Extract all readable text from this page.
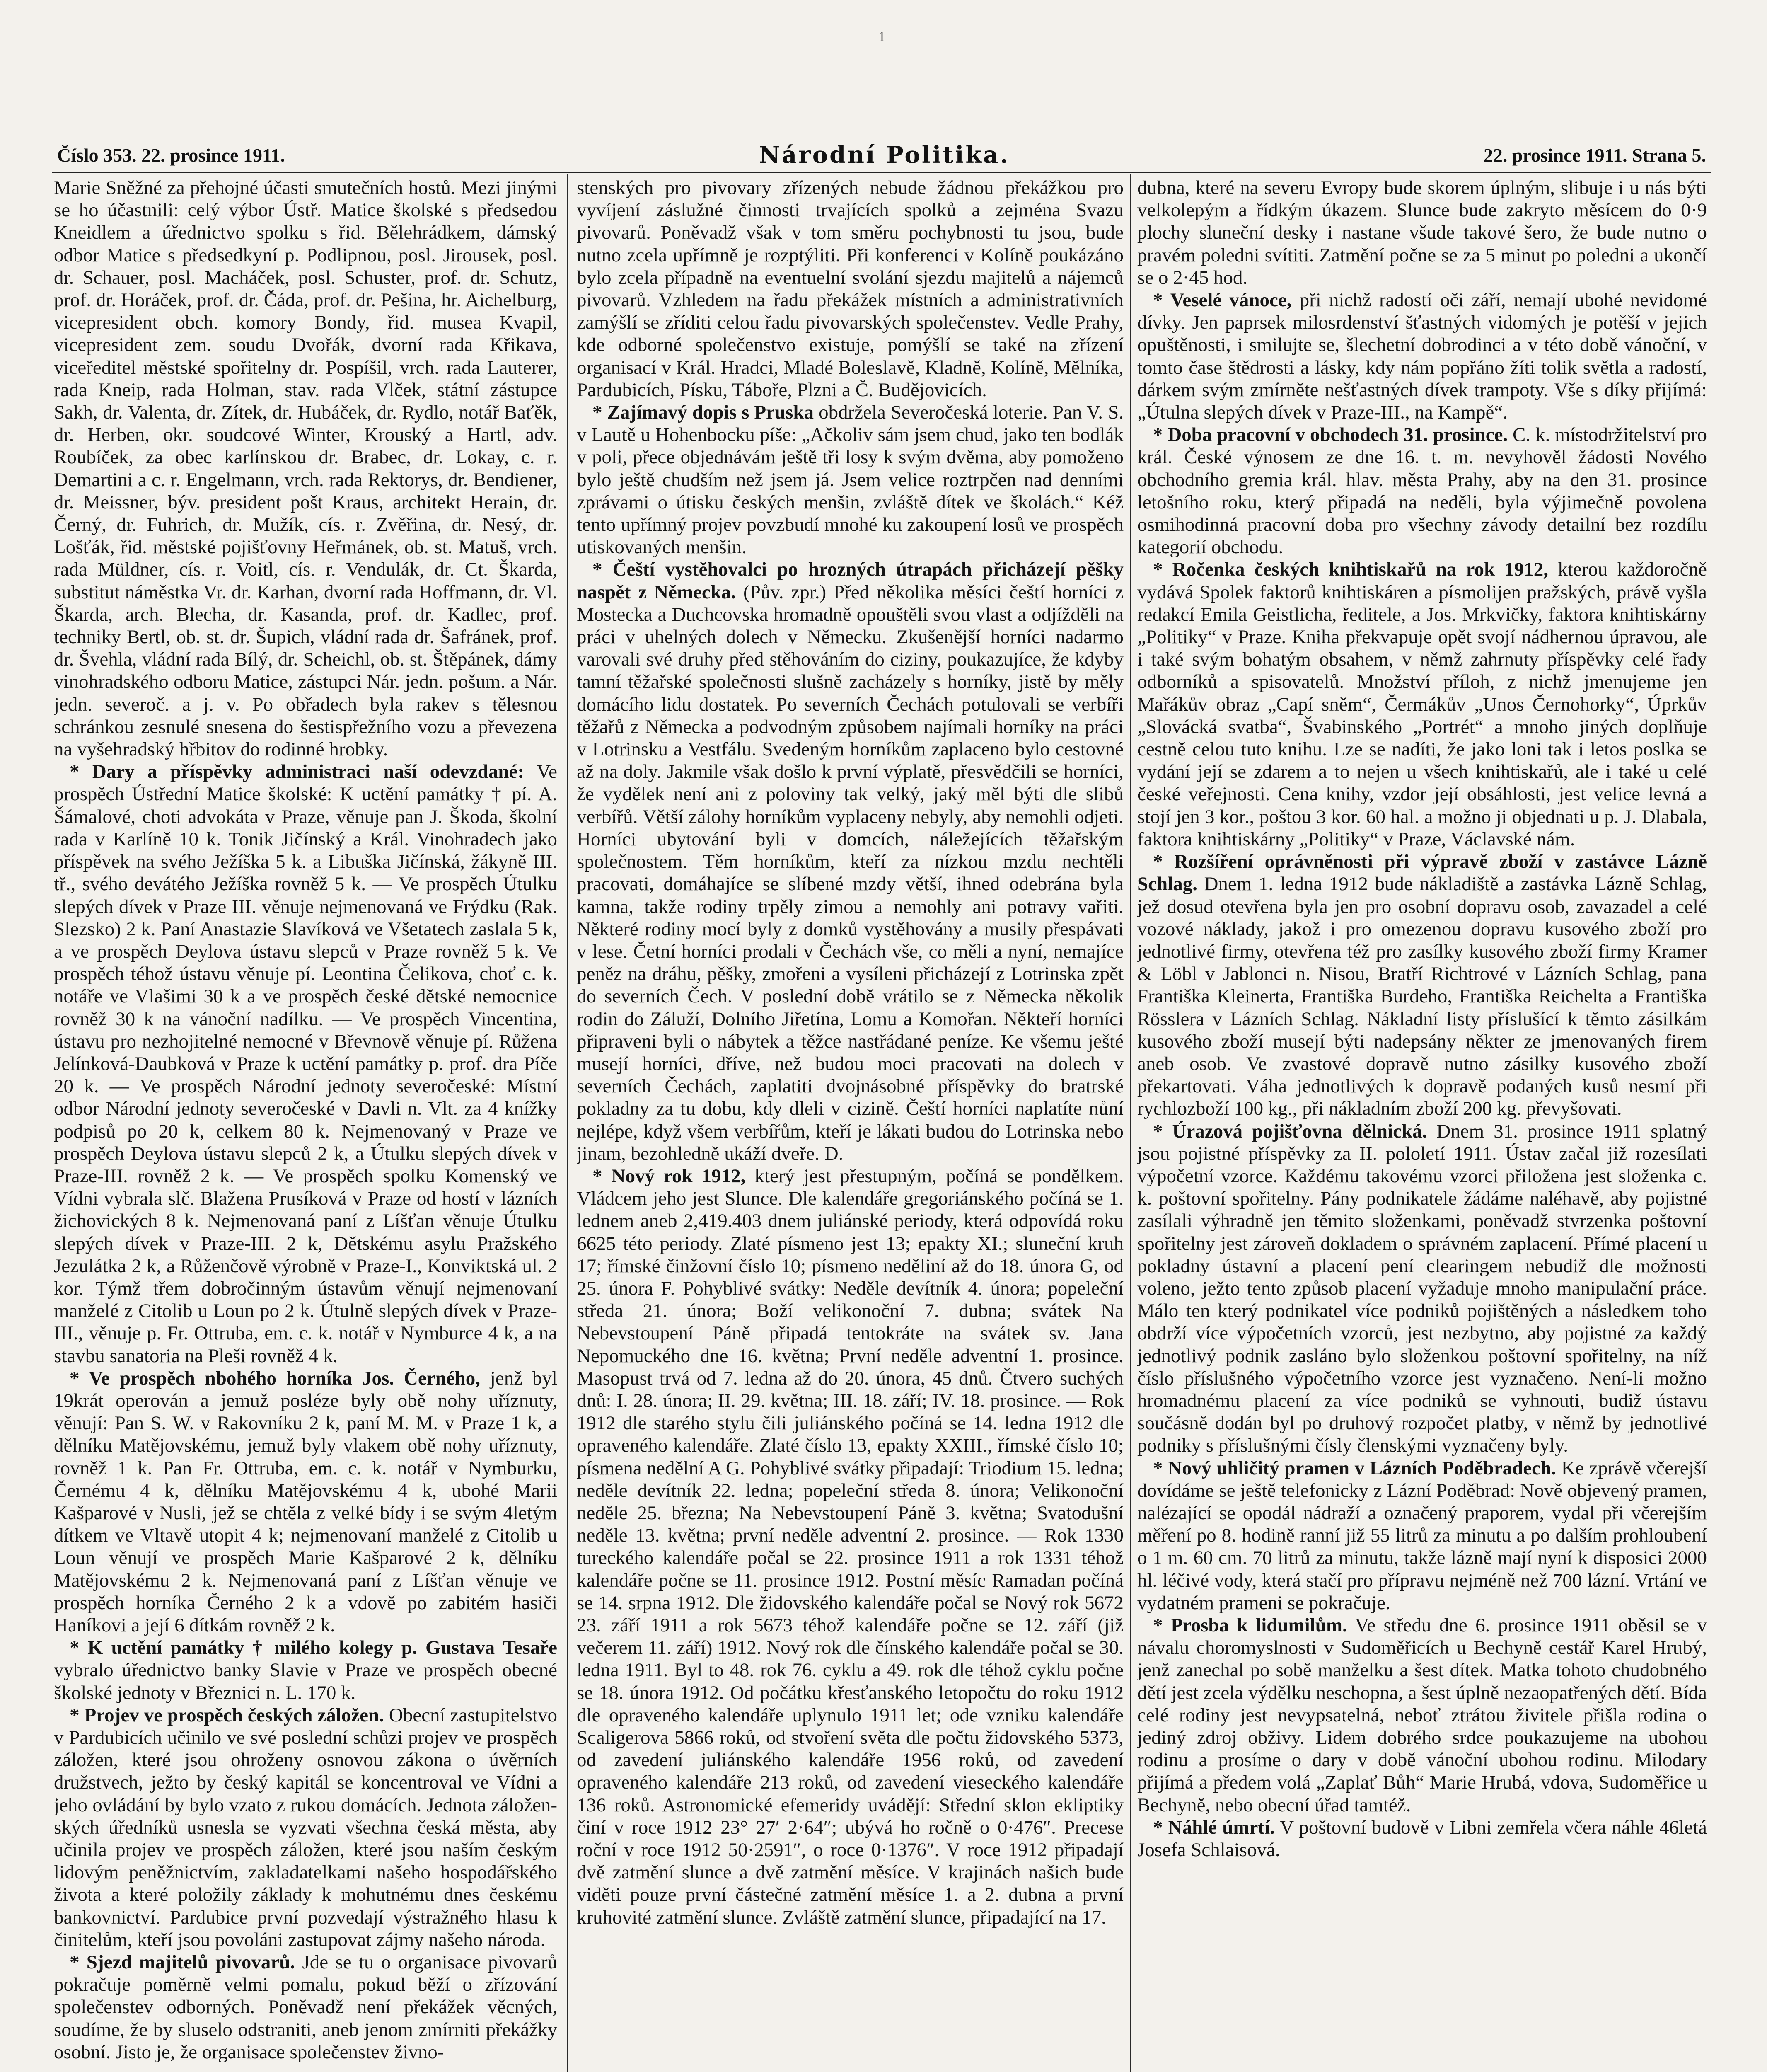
1
Číslo 353. 22. prosince 1911.	Národní Politika.	22. prosince 1911. Strana 5.

Marie Sněžné za přehojné účasti smutečních hostů. Mezi jinými se ho účastnili: celý výbor Ústř. Matice školské s předsedou Kneidlem a úřednictvo spolku s řid. Bělehrádkem, dámský odbor Matice s předsedkyní p. Podlipnou, posl. Jirousek, posl. dr. Schauer, posl. Macháček, posl. Schuster, prof. dr. Schutz, prof. dr. Horáček, prof. dr. Čáda, prof. dr. Pešina, hr. Aichelburg, vicepresident obch. komory Bondy, řid. musea Kvapil, vicepresident zem. soudu Dvořák, dvorní rada Křikava, viceředitel městské spořitelny dr. Pospíšil, vrch. rada Lauterer, rada Kneip, rada Holman, stav. rada Vlček, státní zástupce Sakh, dr. Valenta, dr. Zítek, dr. Hubáček, dr. Rydlo, notář Baťěk, dr. Herben, okr. soudcové Winter, Krouský a Hartl, adv. Roubíček, za obec karlínskou dr. Brabec, dr. Lokay, c. r. Demartini a c. r. Engelmann, vrch. rada Rektorys, dr. Bendiener, dr. Meissner, býv. president pošt Kraus, architekt Herain, dr. Černý, dr. Fuhrich, dr. Mužík, cís. r. Zvěřina, dr. Nesý, dr. Lošťák, řid. městské pojišťovny Heřmánek, ob. st. Matuš, vrch. rada Müldner, cís. r. Voitl, cís. r. Vendulák, dr. Ct. Škarda, substitut náměstka Vr. dr. Karhan, dvorní rada Hoffmann, dr. Vl. Škarda, arch. Blecha, dr. Kasanda, prof. dr. Kadlec, prof. techniky Bertl, ob. st. dr. Šupich, vládní rada dr. Šafránek, prof. dr. Švehla, vládní rada Bílý, dr. Scheichl, ob. st. Štěpánek, dámy vinohradského odboru Matice, zástupci Nár. jedn. pošum. a Nár. jedn. severoč. a j. v. Po obřadech byla rakev s tělesnou schránkou zesnulé snesena do šestispřežního vozu a převezena na vyšehradský hřbitov do rodinné hrobky.

* Dary a příspěvky administraci naší odevzdané: Ve prospěch Ústřední Matice školské: K uctění památky † pí. A. Šámalové, choti advokáta v Praze, věnuje pan J. Škoda, školní rada v Karlíně 10 k. Tonik Jičínský a Král. Vinohradech jako příspěvek na svého Ježíška 5 k. a Libuška Jičínská, žákyně III. tř., svého devátého Ježíška rovněž 5 k. — Ve prospěch Útulku slepých dívek v Praze III. věnuje nejmenovaná ve Frýdku (Rak. Slezsko) 2 k. Paní Anastazie Slavíková ve Všetatech zaslala 5 k, a ve prospěch Deylova ústavu slepců v Praze rovněž 5 k. Ve prospěch téhož ústavu věnuje pí. Leontina Čelikova, choť c. k. notáře ve Vlašimi 30 k a ve prospěch české dětské nemocnice rovněž 30 k na vánoční nadílku. — Ve prospěch Vincentina, ústavu pro nezhojitelné nemocné v Břevnově věnuje pí. Růžena Jelínková-Daubková v Praze k uctění památky p. prof. dra Píče 20 k. — Ve prospěch Národní jednoty severočeské: Místní odbor Národní jednoty severočeské v Davli n. Vlt. za 4 knížky podpisů po 20 k, celkem 80 k. Nejmenovaný v Praze ve prospěch Deylova ústavu slepců 2 k, a Útulku slepých dívek v Praze-III. rovněž 2 k. — Ve prospěch spolku Komenský ve Vídni vybrala slč. Blažena Prusíková v Praze od hostí v lázních žichovických 8 k. Nejmenovaná paní z Líšťan věnuje Útulku slepých dívek v Praze-III. 2 k, Dětskému asylu Pražského Jezulátka 2 k, a Růženčově výrobně v Praze-I., Konviktská ul. 2 kor. Týmž třem dobročinným ústavům věnují nejmenovaní manželé z Citolib u Loun po 2 k. Útulně slepých dívek v Praze-III., věnuje p. Fr. Ottruba, em. c. k. notář v Nymburce 4 k, a na stavbu sanatoria na Pleši rovněž 4 k.

* Ve prospěch nbohého horníka Jos. Černého, jenž byl 19krát operován a jemuž posléze byly obě nohy uříznuty, věnují: Pan S. W. v Rakovníku 2 k, paní M. M. v Praze 1 k, a dělníku Matějovskému, jemuž byly vlakem obě nohy uříznuty, rovněž 1 k. Pan Fr. Ottruba, em. c. k. notář v Nymburku, Černému 4 k, dělníku Matějovskému 4 k, ubohé Marii Kašparové v Nusli, jež se chtěla z velké bídy i se svým 4letým dítkem ve Vltavě utopit 4 k; nejmenovaní manželé z Citolib u Loun věnují ve prospěch Marie Kašparové 2 k, dělníku Matějovskému 2 k. Nejmenovaná paní z Líšťan věnuje ve prospěch horníka Černého 2 k a vdově po zabitém hasiči Haníkovi a její 6 dítkám rovněž 2 k.

* K uctění památky † milého kolegy p. Gustava Tesaře vybralo úřednictvo banky Slavie v Praze ve prospěch obecné školské jednoty v Březnici n. L. 170 k.

* Projev ve prospěch českých záložen. Obecní zastupitelstvo v Pardubicích učinilo ve své poslední schůzi projev ve prospěch záložen, které jsou ohroženy osnovou zákona o úvěrních družstvech, ježto by český kapitál se koncentroval ve Vídni a jeho ovládání by bylo vzato z rukou domácích. Jednota záloženských úředníků usnesla se vyzvati všechna česká města, aby učinila projev ve prospěch záložen, které jsou naším českým lidovým peněžnictvím, zakladatelkami našeho hospodářského života a které položily základy k mohutnému dnes českému bankovnictví. Pardubice první pozvedají výstražného hlasu k činitelům, kteří jsou povoláni zastupovat zájmy našeho národa.

* Sjezd majitelů pivovarů. Jde se tu o organisace pivovarů pokračuje poměrně velmi pomalu, pokud běží o zřízování společenstev odborných. Poněvadž není překážek věcných, soudíme, že by sluselo odstraniti, aneb jenom zmírniti překážky osobní. Jisto je, že organisace společenstev živno-

stenských pro pivovary zřízených nebude žádnou překážkou pro vyvíjení záslužné činnosti trvajících spolků a zejména Svazu pivovarů. Poněvadž však v tom směru pochybnosti tu jsou, bude nutno zcela upřímně je rozptýliti. Při konferenci v Kolíně poukázáno bylo zcela případně na eventuelní svolání sjezdu majitelů a nájemců pivovarů. Vzhledem na řadu překážek místních a administrativních zamýšlí se zříditi celou řadu pivovarských společenstev. Vedle Prahy, kde odborné společenstvo existuje, pomýšlí se také na zřízení organisací v Král. Hradci, Mladé Boleslavě, Kladně, Kolíně, Mělníka, Pardubicích, Písku, Táboře, Plzni a Č. Budějovicích.

* Zajímavý dopis s Pruska obdržela Severočeská loterie. Pan V. S. v Lautě u Hohenbocku píše: „Ačkoliv sám jsem chud, jako ten bodlák v poli, přece objednávám ještě tři losy k svým dvěma, aby pomoženo bylo ještě chudším než jsem já. Jsem velice roztrpčen nad denními zprávami o útisku českých menšin, zvláště dítek ve školách.“ Kéž tento upřímný projev povzbudí mnohé ku zakoupení losů ve prospěch utiskovaných menšin.

* Čeští vystěhovalci po hrozných útrapách přicházejí pěšky naspět z Německa. (Pův. zpr.) Před několika měsíci čeští horníci z Mostecka a Duchcovska hromadně opouštěli svou vlast a odjížděli na práci v uhelných dolech v Německu. Zkušenější horníci nadarmo varovali své druhy před stěhováním do ciziny, poukazujíce, že kdyby tamní těžařské společnosti slušně zacházely s horníky, jistě by měly domácího lidu dostatek. Po severních Čechách potulovali se verbíři těžařů z Německa a podvodným způsobem najímali horníky na práci v Lotrinsku a Vestfálu. Svedeným horníkům zaplaceno bylo cestovné až na doly. Jakmile však došlo k první výplatě, přesvědčili se horníci, že vydělek není ani z poloviny tak velký, jaký měl býti dle slibů verbířů. Větší zálohy horníkům vyplaceny nebyly, aby nemohli odjeti. Horníci ubytování byli v domcích, náležejících těžařským společnostem. Těm horníkům, kteří za nízkou mzdu nechtěli pracovati, domáhajíce se slíbené mzdy větší, ihned odebrána byla kamna, takže rodiny trpěly zimou a nemohly ani potravy vařiti. Některé rodiny mocí byly z domků vystěhovány a musily přespávati v lese. Četní horníci prodali v Čechách vše, co měli a nyní, nemajíce peněz na dráhu, pěšky, zmořeni a vysíleni přicházejí z Lotrinska zpět do severních Čech. V poslední době vrátilo se z Německa několik rodin do Záluží, Dolního Jiřetína, Lomu a Komořan. Někteří horníci připraveni byli o nábytek a těžce nastřádané peníze. Ke všemu ješté musejí horníci, dříve, než budou moci pracovati na dolech v severních Čechách, zaplatiti dvojnásobné příspěvky do bratrské pokladny za tu dobu, kdy dleli v cizině. Čeští horníci naplatíte nůní nejlépe, když všem verbířům, kteří je lákati budou do Lotrinska nebo jinam, bezohledně ukáží dveře. D.

* Nový rok 1912, který jest přestupným, počíná se pondělkem. Vládcem jeho jest Slunce. Dle kalendáře gregoriánského počíná se 1. lednem aneb 2,419.403 dnem juliánské periody, která odpovídá roku 6625 této periody. Zlaté písmeno jest 13; epakty XI.; sluneční kruh 17; římské činžovní číslo 10; písmeno neděliní až do 18. února G, od 25. února F. Pohyblivé svátky: Neděle devítník 4. února; popeleční středa 21. února; Boží velikonoční 7. dubna; svátek Na Nebevstoupení Páně připadá tentokráte na svátek sv. Jana Nepomuckého dne 16. května; První neděle adventní 1. prosince. Masopust trvá od 7. ledna až do 20. února, 45 dnů. Čtvero suchých dnů: I. 28. února; II. 29. května; III. 18. září; IV. 18. prosince. — Rok 1912 dle starého stylu čili juliánského počíná se 14. ledna 1912 dle opraveného kalendáře. Zlaté číslo 13, epakty XXIII., římské číslo 10; písmena nedělní A G. Pohyblivé svátky připadají: Triodium 15. ledna; neděle devítník 22. ledna; popeleční středa 8. února; Velikonoční neděle 25. března; Na Nebevstoupení Páně 3. května; Svatodušní neděle 13. května; první neděle adventní 2. prosince. — Rok 1330 tureckého kalendáře počal se 22. prosince 1911 a rok 1331 téhož kalendáře počne se 11. prosince 1912. Postní měsíc Ramadan počíná se 14. srpna 1912. Dle židovského kalendáře počal se Nový rok 5672 23. září 1911 a rok 5673 téhož kalendáře počne se 12. září (již večerem 11. září) 1912. Nový rok dle čínského kalendáře počal se 30. ledna 1911. Byl to 48. rok 76. cyklu a 49. rok dle téhož cyklu počne se 18. února 1912. Od počátku křesťanského letopočtu do roku 1912 dle opraveného kalendáře uplynulo 1911 let; ode vzniku kalendáře Scaligerova 5866 roků, od stvoření světa dle počtu židovského 5373, od zavedení juliánského kalendáře 1956 roků, od zavedení opraveného kalendáře 213 roků, od zavedení vieseckého kalendáře 136 roků. Astronomické efemeridy uvádějí: Střední sklon ekliptiky činí v roce 1912 23° 27′ 2·64″; ubývá ho ročně o 0·476″. Precese roční v roce 1912 50·2591″, o roce 0·1376″. V roce 1912 připadají dvě zatmění slunce a dvě zatmění měsíce. V krajinách našich bude viděti pouze první částečné zatmění měsíce 1. a 2. dubna a první kruhovité zatmění slunce. Zvláště zatmění slunce, připadající na 17.

dubna, které na severu Evropy bude skorem úplným, slibuje i u nás býti velkolepým a řídkým úkazem. Slunce bude zakryto měsícem do 0·9 plochy sluneční desky i nastane všude takové šero, že bude nutno o pravém poledni svítiti. Zatmění počne se za 5 minut po poledni a ukončí se o 2·45 hod.

* Veselé vánoce, při nichž radostí oči září, nemají ubohé nevidomé dívky. Jen paprsek milosrdenství šťastných vidomých je potěší v jejich opuštěnosti, i smilujte se, šlechetní dobrodinci a v této době vánoční, v tomto čase štědrosti a lásky, kdy nám popřáno žíti tolik světla a radostí, dárkem svým zmírněte nešťastných dívek trampoty. Vše s díky přijímá: „Útulna slepých dívek v Praze-III., na Kampě“.

* Doba pracovní v obchodech 31. prosince. C. k. místodržitelství pro král. České výnosem ze dne 16. t. m. nevyhověl žádosti Nového obchodního gremia král. hlav. města Prahy, aby na den 31. prosince letošního roku, který připadá na neděli, byla výjimečně povolena osmihodinná pracovní doba pro všechny závody detailní bez rozdílu kategorií obchodu.

* Ročenka českých knihtiskařů na rok 1912, kterou každoročně vydává Spolek faktorů knihtiskáren a písmolijen pražských, právě vyšla redakcí Emila Geistlicha, ředitele, a Jos. Mrkvičky, faktora knihtiskárny „Politiky“ v Praze. Kniha překvapuje opět svojí nádhernou úpravou, ale i také svým bohatým obsahem, v němž zahrnuty příspěvky celé řady odborníků a spisovatelů. Množství příloh, z nichž jmenujeme jen Mařákův obraz „Capí sněm“, Čermákův „Unos Černohorky“, Úprkův „Slovácká svatba“, Švabinského „Portrét“ a mnoho jiných doplňuje cestně celou tuto knihu. Lze se nadíti, že jako loni tak i letos poslka se vydání její se zdarem a to nejen u všech knihtiskařů, ale i také u celé české veřejnosti. Cena knihy, vzdor její obsáhlosti, jest velice levná a stojí jen 3 kor., poštou 3 kor. 60 hal. a možno ji objednati u p. J. Dlabala, faktora knihtiskárny „Politiky“ v Praze, Václavské nám.

* Rozšíření oprávněnosti při výpravě zboží v zastávce Lázně Schlag. Dnem 1. ledna 1912 bude nákladiště a zastávka Lázně Schlag, jež dosud otevřena byla jen pro osobní dopravu osob, zavazadel a celé vozové náklady, jakož i pro omezenou dopravu kusového zboží pro jednotlivé firmy, otevřena též pro zasílky kusového zboží firmy Kramer & Löbl v Jablonci n. Nisou, Bratří Richtrové v Lázních Schlag, pana Františka Kleinerta, Františka Burdeho, Františka Reichelta a Františka Rösslera v Lázních Schlag. Nákladní listy příslušící k těmto zásilkám kusového zboží musejí býti nadepsány někter ze jmenovaných firem aneb osob. Ve zvastové dopravě nutno zásilky kusového zboží překartovati. Váha jednotlivých k dopravě podaných kusů nesmí při rychlozboží 100 kg., při nákladním zboží 200 kg. převyšovati.

* Úrazová pojišťovna dělnická. Dnem 31. prosince 1911 splatný jsou pojistné příspěvky za II. pololetí 1911. Ústav začal již rozesílati výpočetní vzorce. Každému takovému vzorci přiložena jest složenka c. k. poštovní spořitelny. Pány podnikatele žádáme naléhavě, aby pojistné zasílali výhradně jen těmito složenkami, poněvadž stvrzenka poštovní spořitelny jest zároveň dokladem o správném zaplacení. Přímé placení u pokladny ústavní a placení pení clearingem nebudiž dle možnosti voleno, ježto tento způsob placení vyžaduje mnoho manipulační práce. Málo ten který podnikatel více podniků pojištěných a následkem toho obdrží více výpočetních vzorců, jest nezbytno, aby pojistné za každý jednotlivý podnik zasláno bylo složenkou poštovní spořitelny, na níž číslo příslušného výpočetního vzorce jest vyznačeno. Není-li možno hromadnému placení za více podniků se vyhnouti, budiž ústavu součásně dodán byl po druhový rozpočet platby, v němž by jednotlivé podniky s příslušnými čísly členskými vyznačeny byly.

* Nový uhličitý pramen v Lázních Poděbradech. Ke zprávě včerejší dovídáme se ještě telefonicky z Lázní Poděbrad: Nově objevený pramen, nalézající se opodál nádraží a označený praporem, vydal při včerejším měření po 8. hodině ranní již 55 litrů za minutu a po dalším prohloubení o 1 m. 60 cm. 70 litrů za minutu, takže lázně mají nyní k disposici 2000 hl. léčivé vody, která stačí pro přípravu nejméně než 700 lázní. Vrtání ve vydatném prameni se pokračuje.

* Prosba k lidumilům. Ve středu dne 6. prosince 1911 oběsil se v návalu choromyslnosti v Sudoměřicích u Bechyně cestář Karel Hrubý, jenž zanechal po sobě manželku a šest dítek. Matka tohoto chudobného dětí jest zcela výdělku neschopna, a šest úplně nezaopatřených dětí. Bída celé rodiny jest nevypsatelná, neboť ztrátou živitele přišla rodina o jediný zdroj obživy. Lidem dobrého srdce poukazujeme na ubohou rodinu a prosíme o dary v době vánoční ubohou rodinu. Milodary přijímá a předem volá „Zaplať Bůh“ Marie Hrubá, vdova, Sudoměřice u Bechyně, nebo obecní úřad tamtéž.

* Náhlé úmrtí. V poštovní budově v Libni zemřela včera náhle 46letá Josefa Schlaisová.
